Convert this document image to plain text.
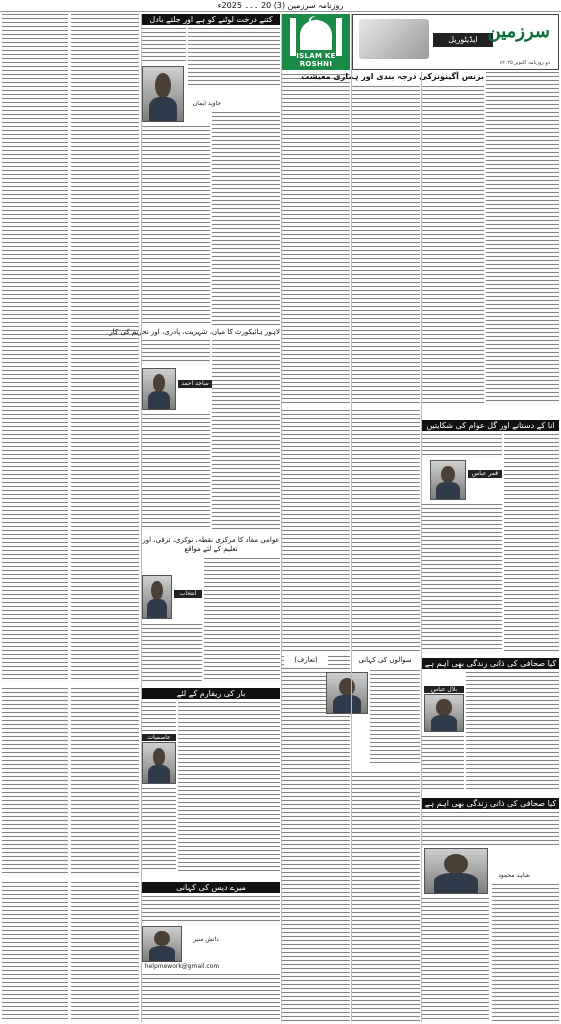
روزنامہ سرزمین (3) 20 ۔۔۔ 2025ء
کتنے درخت لوٹنے کو ہے اور جلتے بادل
جاوید ایمان
لاہور ہائیکورٹ کا میاں، شہریت، پادری، اور تحریم کی کار
ساجد احمد
عوامی مفاد کا مرکزی نقطہ، نوکری، ترقی، اور تعلیم کے لئے مواقع
انتخاب
بار کی ریفارم کے لئے
عاصمیات
میرے دیس کی کہانی
دانش منیر
helpmework@gmail.com
☪
ISLAM KE ROSHNI
سوالوں کی کہانی
(تعارف)
ایڈیٹوریل سرزمین
دو روزنامہ اکتوبر ۲۰۲۵ء
بزنس آگینونزکی درجہ بندی اور ہماری معیشت
انا کے دستانے اور گل عوام کی شکایتیں
قمر عباس
کیا صحافی کی ذاتی زندگی بھی اہم ہے
بلال عباس
کیا صحافی کی ذاتی زندگی بھی اہم ہے
شاہد محمود
